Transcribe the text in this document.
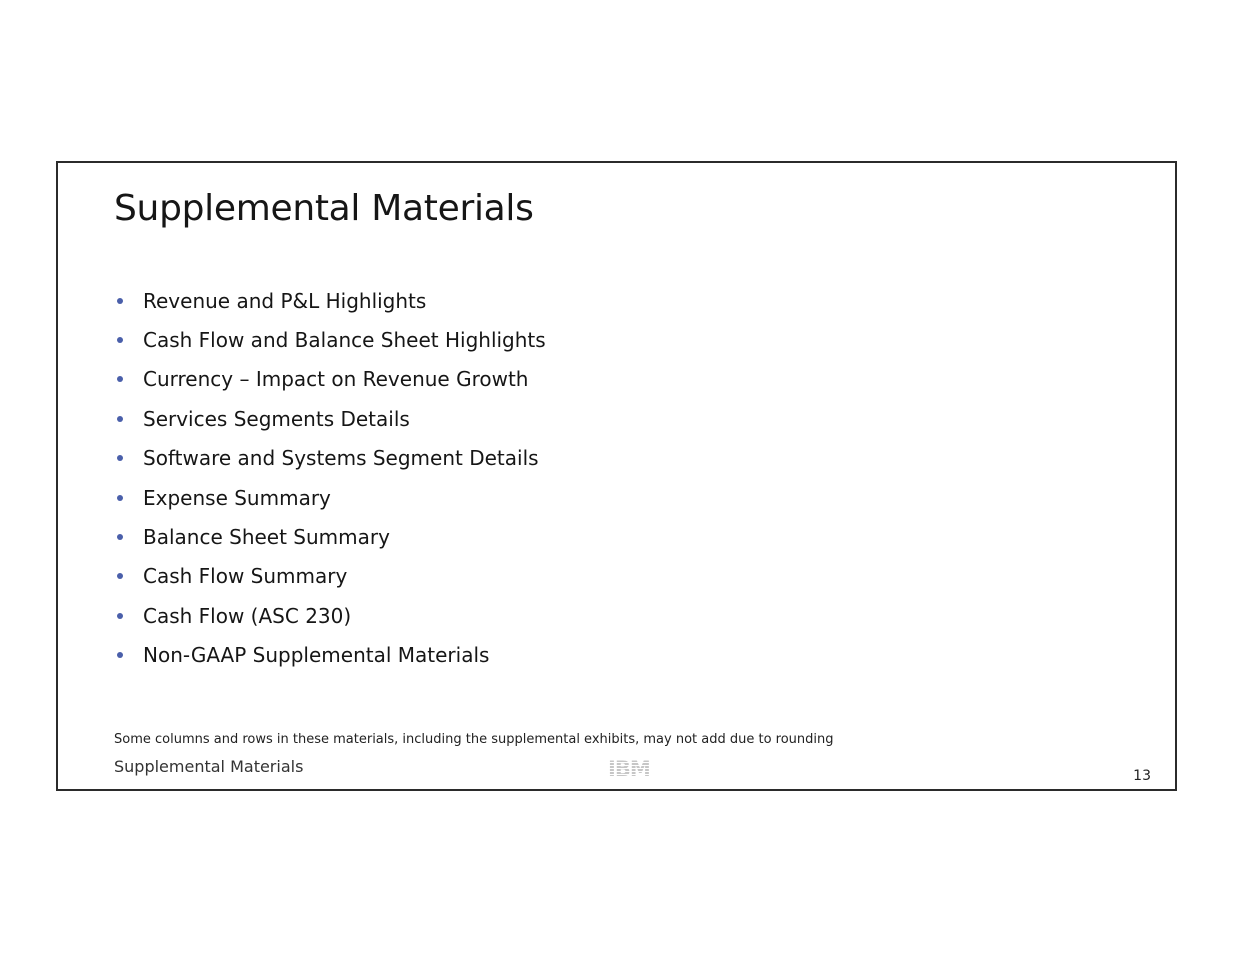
Supplemental Materials
Revenue and P&L Highlights
Cash Flow and Balance Sheet Highlights
Currency – Impact on Revenue Growth
Services Segments Details
Software and Systems Segment Details
Expense Summary
Balance Sheet Summary
Cash Flow Summary
Cash Flow (ASC 230)
Non-GAAP Supplemental Materials
Some columns and rows in these materials, including the supplemental exhibits, may not add due to rounding
Supplemental Materials	IBM	13
